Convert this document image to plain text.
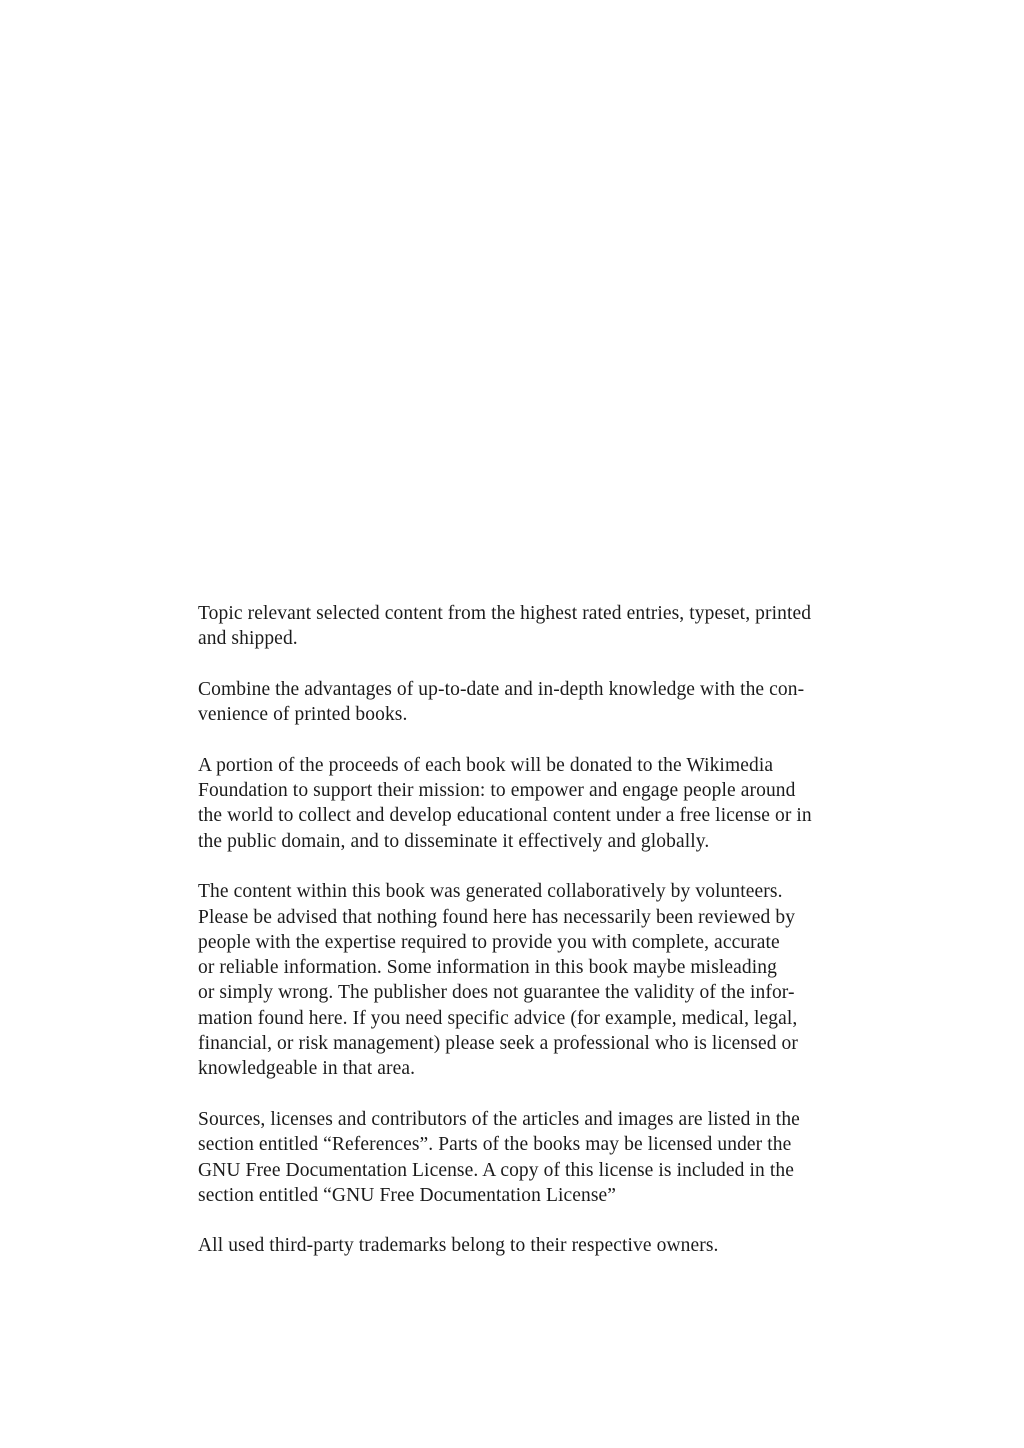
Topic relevant selected content from the highest rated entries, typeset, printed
and shipped.

Combine the advantages of up-to-date and in-depth knowledge with the con-
venience of printed books.

A portion of the proceeds of each book will be donated to the Wikimedia
Foundation to support their mission: to empower and engage people around
the world to collect and develop educational content under a free license or in
the public domain, and to disseminate it effectively and globally.

The content within this book was generated collaboratively by volunteers.
Please be advised that nothing found here has necessarily been reviewed by
people with the expertise required to provide you with complete, accurate
or reliable information. Some information in this book maybe misleading
or simply wrong. The publisher does not guarantee the validity of the infor-
mation found here. If you need specific advice (for example, medical, legal,
financial, or risk management) please seek a professional who is licensed or
knowledgeable in that area.

Sources, licenses and contributors of the articles and images are listed in the
section entitled “References”. Parts of the books may be licensed under the
GNU Free Documentation License. A copy of this license is included in the
section entitled “GNU Free Documentation License”

All used third-party trademarks belong to their respective owners.
